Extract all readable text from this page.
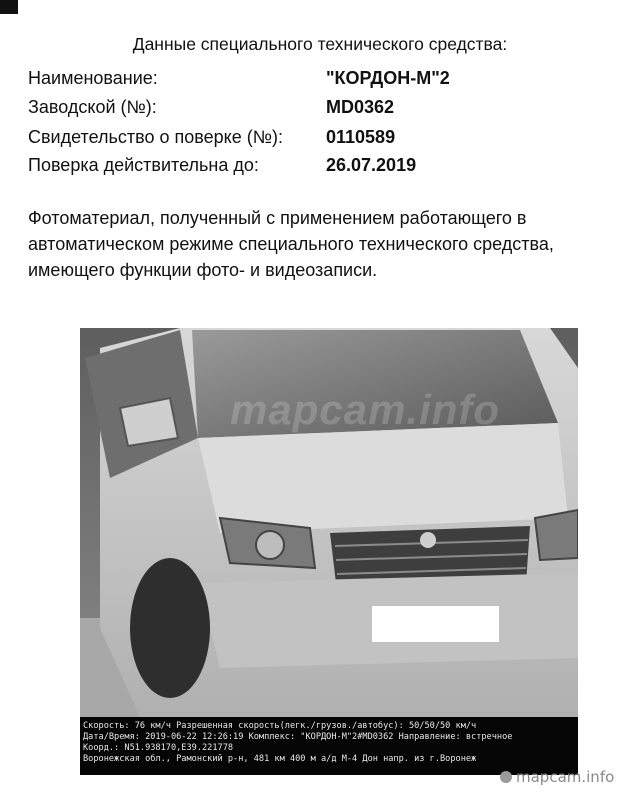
Данные специального технического средства:
Наименование:	"КОРДОН-М"2
Заводской (№):	MD0362
Свидетельство о поверке (№): 0110589
Поверка действительна до:	26.07.2019
Фотоматериал, полученный с применением работающего в автоматическом режиме специального технического средства, имеющего функции фото- и видеозаписи.
mapcam.info
Скорость: 76 км/ч Разрешенная скорость(легк./грузов./автобус): 50/50/50 км/ч
Дата/Время: 2019-06-22 12:26:19 Комплекс: "КОРДОН-М"2#MD0362 Направление: встречное
Коорд.: N51.938170,E39.221778
Воронежская обл., Рамонский р-н, 481 км 400 м а/д М-4 Дон напр. из г.Воронеж
mapcam.info
